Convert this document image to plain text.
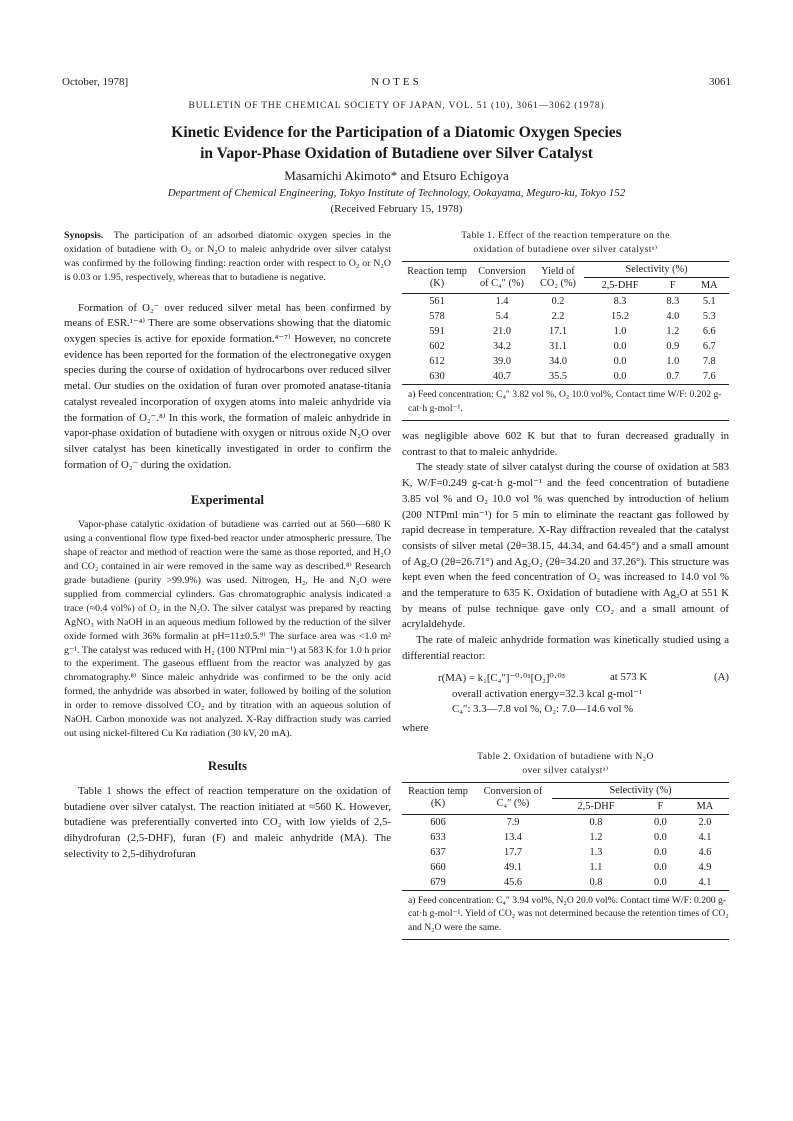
October, 1978]	NOTES	3061
BULLETIN OF THE CHEMICAL SOCIETY OF JAPAN, VOL. 51 (10), 3061—3062 (1978)
Kinetic Evidence for the Participation of a Diatomic Oxygen Species
in Vapor-Phase Oxidation of Butadiene over Silver Catalyst
Masamichi Akimoto* and Etsuro Echigoya
Department of Chemical Engineering, Tokyo Institute of Technology, Ookayama, Meguro-ku, Tokyo 152
(Received February 15, 1978)

Synopsis. The participation of an adsorbed diatomic oxygen species in the oxidation of butadiene with O₂ or N₂O to maleic anhydride over silver catalyst was confirmed by the following finding: reaction order with respect to O₂ or N₂O is 0.03 or 1.95, respectively, whereas that to butadiene is negative.

Formation of O₂⁻ over reduced silver metal has been confirmed by means of ESR.¹⁻⁴⁾ There are some observations showing that the diatomic oxygen species is active for epoxide formation.⁴⁻⁷⁾ However, no concrete evidence has been reported for the formation of the electronegative oxygen species during the course of oxidation of hydrocarbons over reduced silver metal. Our studies on the oxidation of furan over promoted anatase-titania catalyst revealed incorporation of oxygen atoms into maleic anhydride via the formation of O₂⁻.⁸⁾ In this work, the formation of maleic anhydride in vapor-phase oxidation of butadiene with oxygen or nitrous oxide N₂O over silver catalyst has been kinetically investigated in order to confirm the formation of O₂⁻ during the oxidation.

Experimental

Vapor-phase catalytic oxidation of butadiene was carried out at 560—680 K using a conventional flow type fixed-bed reactor under atmospheric pressure. The shape of reactor and method of reaction were the same as those reported, and H₂O and CO₂ contained in air were removed in the same way as described.⁸⁾ Research grade butadiene (purity >99.9%) was used. Nitrogen, H₂, He and N₂O were supplied from commercial cylinders. Gas chromatographic analysis indicated a trace (≈0.4 vol%) of O₂ in the N₂O. The silver catalyst was prepared by reacting AgNO₃ with NaOH in an aqueous medium followed by the reduction of the silver oxide formed with 36% formalin at pH=11±0.5.⁹⁾ The surface area was <1.0 m² g⁻¹. The catalyst was reduced with H₂ (100 NTPml min⁻¹) at 583 K for 1.0 h prior to the experiment. The gaseous effluent from the reactor was analyzed by gas chromatography.⁸⁾ Since maleic anhydride was confirmed to be the only acid formed, the anhydride was absorbed in water, followed by boiling of the solution in order to remove dissolved CO₂ and by titration with an aqueous solution of NaOH. Carbon monoxide was not analyzed. X-Ray diffraction study was carried out using nickel-filtered Cu Kα radiation (30 kV, 20 mA).

Results

Table 1 shows the effect of reaction temperature on the oxidation of butadiene over silver catalyst. The reaction initiated at ≈560 K. However, butadiene was preferentially converted into CO₂ with low yields of 2,5-dihydrofuran (2,5-DHF), furan (F) and maleic anhydride (MA). The selectivity to 2,5-dihydrofuran

Table 1. Effect of the reaction temperature on the
oxidation of butadiene over silver catalystᵃ⁾
Reaction temp (K)	Conversion of C₄″ (%)	Yield of CO₂ (%)	Selectivity (%)		
			2,5-DHF	F	MA
561	1.4	0.2	8.3	8.3	5.1
578	5.4	2.2	15.2	4.0	5.3
591	21.0	17.1	1.0	1.2	6.6
602	34.2	31.1	0.0	0.9	6.7
612	39.0	34.0	0.0	1.0	7.8
630	40.7	35.5	0.0	0.7	7.6
a) Feed concentration: C₄″ 3.82 vol %, O₂ 10.0 vol%, Contact time W/F: 0.202 g-cat·h g-mol⁻¹.

was negligible above 602 K but that to furan decreased gradually in contrast to that to maleic anhydride.

The steady state of silver catalyst during the course of oxidation at 583 K, W/F=0.249 g-cat·h g-mol⁻¹ and the feed concentration of butadiene 3.85 vol % and O₂ 10.0 vol % was quenched by introduction of helium (200 NTPml min⁻¹) for 5 min to eliminate the reactant gas followed by rapid decrease in temperature. X-Ray diffraction revealed that the catalyst consists of silver metal (2θ=38.15, 44.34, and 64.45°) and a small amount of Ag₂O (2θ=26.71°) and Ag₂O₂ (2θ=34.20 and 37.26°). This structure was kept even when the feed concentration of O₂ was increased to 14.0 vol % and the temperature to 635 K. Oxidation of butadiene with Ag₂O at 551 K by means of pulse technique gave only CO₂ and a small amount of acrylaldehyde.

The rate of maleic anhydride formation was kinetically studied using a differential reactor:

r(MA) = k₁[C₄″]⁻⁰·⁰¹[O₂]⁰·⁰³	at 573 K	(A)
overall activation energy=32.3 kcal g-mol⁻¹
C₄″: 3.3—7.8 vol %, O₂: 7.0—14.6 vol %
where
Table 2. Oxidation of butadiene with N₂O
over silver catalystᵃ⁾
Reaction temp (K)	Conversion of C₄″ (%)	Selectivity (%)		
		2,5-DHF	F	MA
606	7.9	0.8	0.0	2.0
633	13.4	1.2	0.0	4.1
637	17.7	1.3	0.0	4.6
660	49.1	1.1	0.0	4.9
679	45.6	0.8	0.0	4.1
a) Feed concentration: C₄″ 3.94 vol%, N₂O 20.0 vol%. Contact time W/F: 0.200 g-cat·h g-mol⁻¹. Yield of CO₂ was not determined because the retention times of CO₂ and N₂O were the same.
